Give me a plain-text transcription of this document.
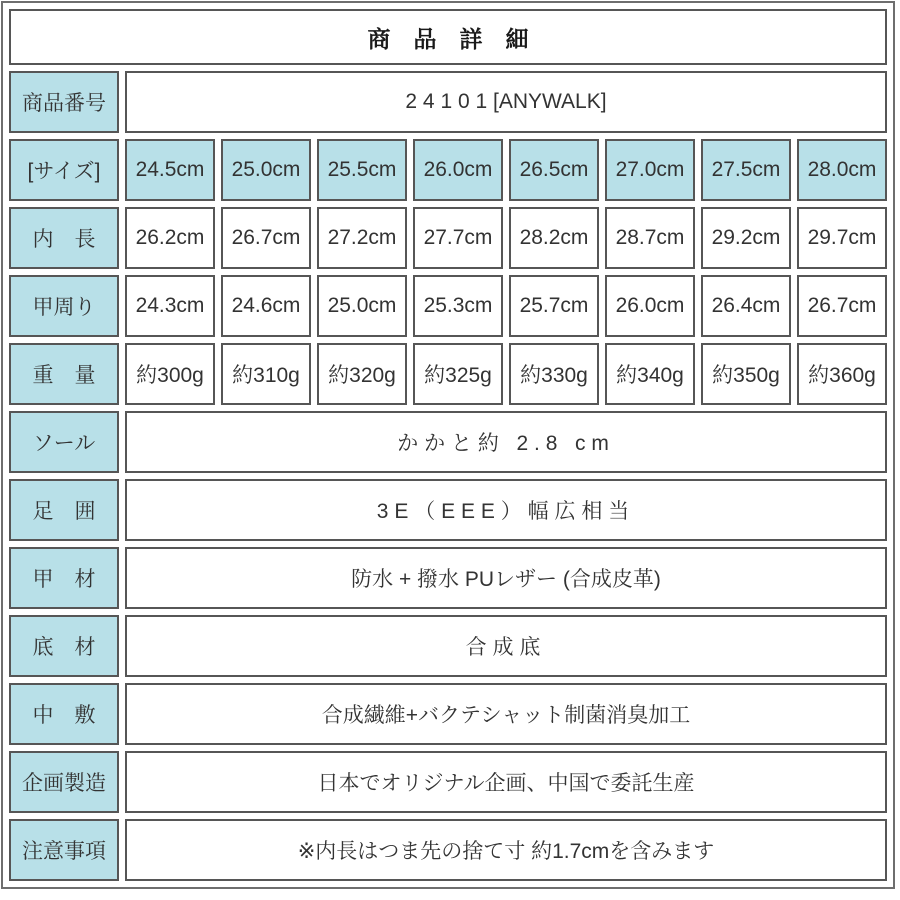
商　品　詳　細								
商品番号	2 4 1 0 1 [ANYWALK]							
[サイズ]	24.5cm	25.0cm	25.5cm	26.0cm	26.5cm	27.0cm	27.5cm	28.0cm
内　長	26.2cm	26.7cm	27.2cm	27.7cm	28.2cm	28.7cm	29.2cm	29.7cm
甲周り	24.3cm	24.6cm	25.0cm	25.3cm	25.7cm	26.0cm	26.4cm	26.7cm
重　量	約300g	約310g	約320g	約325g	約330g	約340g	約350g	約360g
ソール	かかと約 2.8 cm							
足　囲	3E（EEE）幅広相当							
甲　材	防水 + 撥水 PUレザー (合成皮革)							
底　材	合成底							
中　敷	合成繊維+バクテシャット制菌消臭加工							
企画製造	日本でオリジナル企画、中国で委託生産							
注意事項	※内長はつま先の捨て寸 約1.7cmを含みます							
